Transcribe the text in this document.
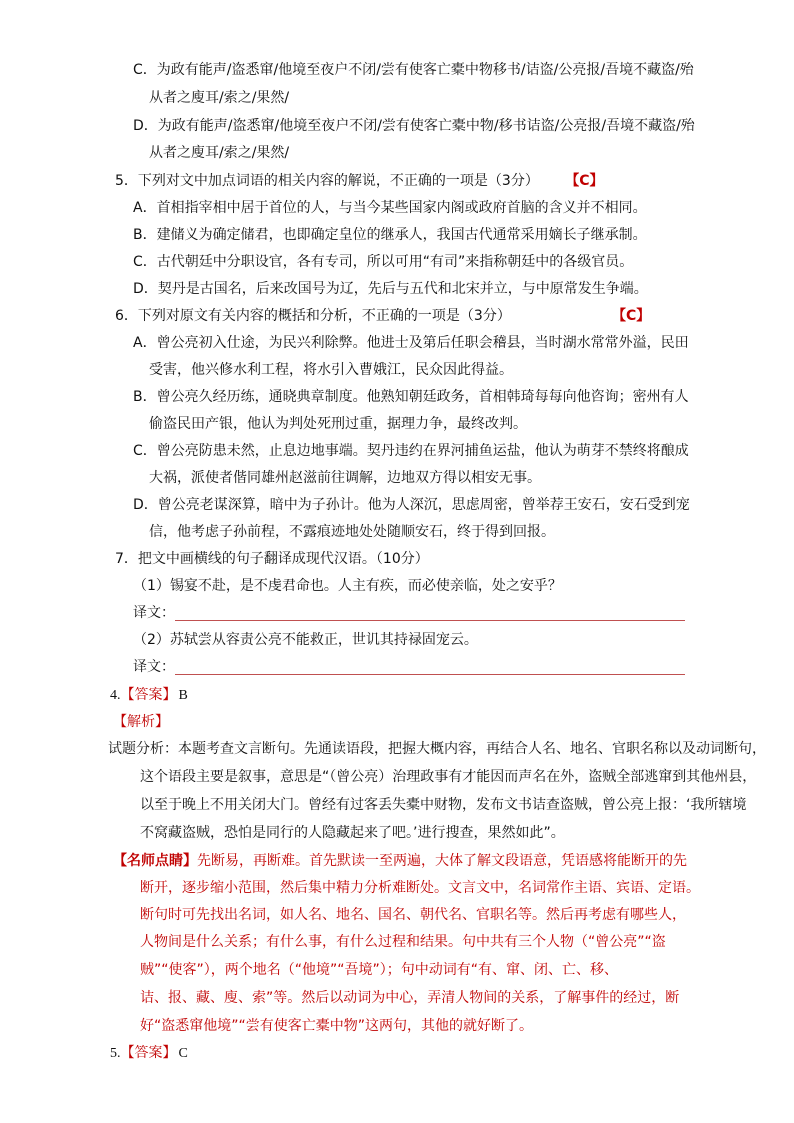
C．为政有能声/盗悉窜/他境至夜户不闭/尝有使客亡橐中物移书/诘盗/公亮报/吾境不藏盗/殆
从者之廋耳/索之/果然/
D．为政有能声/盗悉窜/他境至夜户不闭/尝有使客亡橐中物/移书诘盗/公亮报/吾境不藏盗/殆
从者之廋耳/索之/果然/
5．下列对文中加点词语的相关内容的解说，不正确的一项是（3分） 【C】
A．首相指宰相中居于首位的人，与当今某些国家内阁或政府首脑的含义并不相同。
B．建储义为确定储君，也即确定皇位的继承人，我国古代通常采用嫡长子继承制。
C．古代朝廷中分职设官，各有专司，所以可用“有司”来指称朝廷中的各级官员。
D．契丹是古国名，后来改国号为辽，先后与五代和北宋并立，与中原常发生争端。
6．下列对原文有关内容的概括和分析，不正确的一项是（3分）	【C】
A．曾公亮初入仕途，为民兴利除弊。他进士及第后任职会稽县，当时湖水常常外溢，民田
受害，他兴修水利工程，将水引入曹娥江，民众因此得益。
B．曾公亮久经历练，通晓典章制度。他熟知朝廷政务，首相韩琦每每向他咨询；密州有人
偷盗民田产银，他认为判处死刑过重，据理力争，最终改判。
C．曾公亮防患未然，止息边地事端。契丹违约在界河捕鱼运盐，他认为萌芽不禁终将酿成
大祸，派使者偕同雄州赵滋前往调解，边地双方得以相安无事。
D．曾公亮老谋深算，暗中为子孙计。他为人深沉，思虑周密，曾举荐王安石，安石受到宠
信，他考虑子孙前程，不露痕迹地处处随顺安石，终于得到回报。
7．把文中画横线的句子翻译成现代汉语。（10分）
（1）锡宴不赴，是不虔君命也。人主有疾，而必使亲临，处之安乎？
译文：
（2）苏轼尝从容责公亮不能救正，世讥其持禄固宠云。
译文：
4.【答案】 B
【解析】
试题分析：本题考查文言断句。先通读语段，把握大概内容，再结合人名、地名、官职名称以及动词断句，
这个语段主要是叙事，意思是“（曾公亮）治理政事有才能因而声名在外，盗贼全部逃窜到其他州县，
以至于晚上不用关闭大门。曾经有过客丢失橐中财物，发布文书诘查盗贼，曾公亮上报：‘我所辖境
不窝藏盗贼，恐怕是同行的人隐藏起来了吧。’进行搜查，果然如此”。
【名师点睛】先断易，再断难。首先默读一至两遍，大体了解文段语意，凭语感将能断开的先
断开，逐步缩小范围，然后集中精力分析难断处。文言文中，名词常作主语、宾语、定语。
断句时可先找出名词，如人名、地名、国名、朝代名、官职名等。然后再考虑有哪些人，
人物间是什么关系；有什么事，有什么过程和结果。句中共有三个人物（“曾公亮”“盗
贼”“使客”），两个地名（“他境”“吾境”）；句中动词有“有、窜、闭、亡、移、
诘、报、藏、廋、索”等。然后以动词为中心，弄清人物间的关系，了解事件的经过，断
好“盗悉窜他境”“尝有使客亡橐中物”这两句，其他的就好断了。
5.【答案】 C
